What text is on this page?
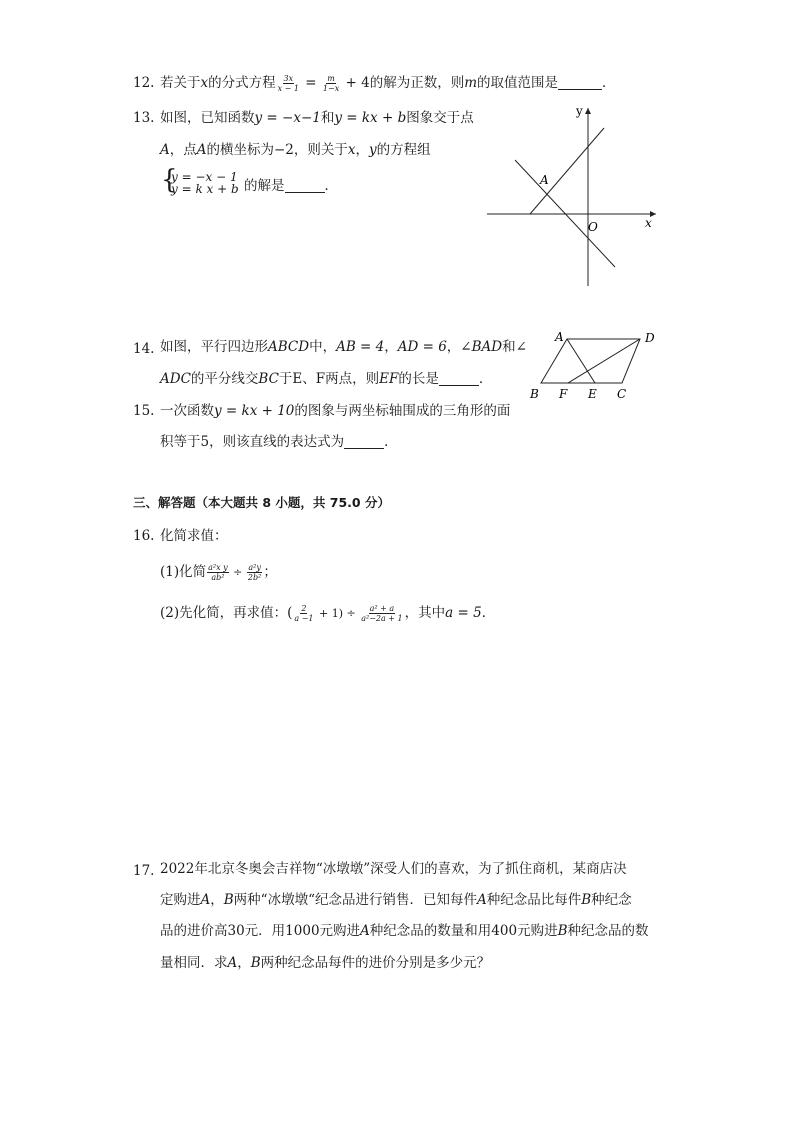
12. 若关于x的分式方程 $\frac{3x}{x - 1} = \frac{m}{1-x} + 4$的解为正数，则m的取值范围是	．
13. 如图，已知函数y = −x−1和y = kx + b图象交于点
A，点A的横坐标为−2，则关于x，y的方程组
{
y = −x − 1
y = k x + b 的解是	．
y
x
O
A
14. 如图，平行四边形ABCD中，AB = 4，AD = 6，∠BAD和∠
ADC的平分线交BC于E、F两点，则EF的长是	．
A	D
B F E C
15. 一次函数y = kx + 10的图象与两坐标轴围成的三角形的面
积等于5，则该直线的表达式为	．
三、解答题（本大题共 8 小题，共 75.0 分）
16. 化简求值：
(1)化简 $\frac{\text{a²x y}}{\text{ab²}} \div \frac{\text{a²y}}{\text{2b²}}$ ；
(2)先化简，再求值：( $\frac{2}{a -1} + 1) \div \frac{\text{a² + a}}{\text{a²−2a + 1}}$ ，其中a = 5．
17. 2022年北京冬奥会吉祥物“冰墩墩”深受人们的喜欢，为了抓住商机，某商店决
定购进A，B两种“冰墩墩“纪念品进行销售．已知每件A种纪念品比每件B种纪念
品的进价高30元．用1000元购进A种纪念品的数量和用400元购进B种纪念品的数
量相同．求A，B两种纪念品每件的进价分别是多少元？
